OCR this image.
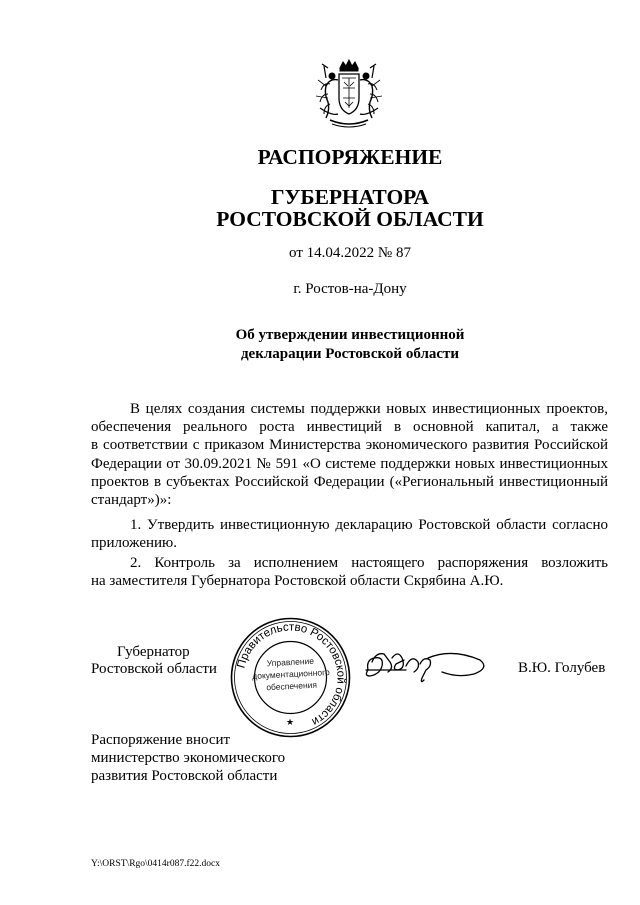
РАСПОРЯЖЕНИЕ
ГУБЕРНАТОРА
РОСТОВСКОЙ ОБЛАСТИ
от 14.04.2022 № 87
г. Ростов-на-Дону
Об утверждении инвестиционной
декларации Ростовской области
В целях создания системы поддержки новых инвестиционных проектов,
обеспечения реального роста инвестиций в основной капитал, а также
в соответствии с приказом Министерства экономического развития Российской
Федерации от 30.09.2021 № 591 «О системе поддержки новых инвестиционных
проектов в субъектах Российской Федерации («Региональный инвестиционный
стандарт»)»:
1. Утвердить инвестиционную декларацию Ростовской области согласно
приложению.
2. Контроль за исполнением настоящего распоряжения возложить
на заместителя Губернатора Ростовской области Скрябина А.Ю.
Губернатор
Ростовской области Правительство Ростовской области
★
Управление
документационного
обеспечения
В.Ю. Голубев
Распоряжение вносит
министерство экономического
развития Ростовской области
Y:\ORST\Rgo\0414r087.f22.docx
